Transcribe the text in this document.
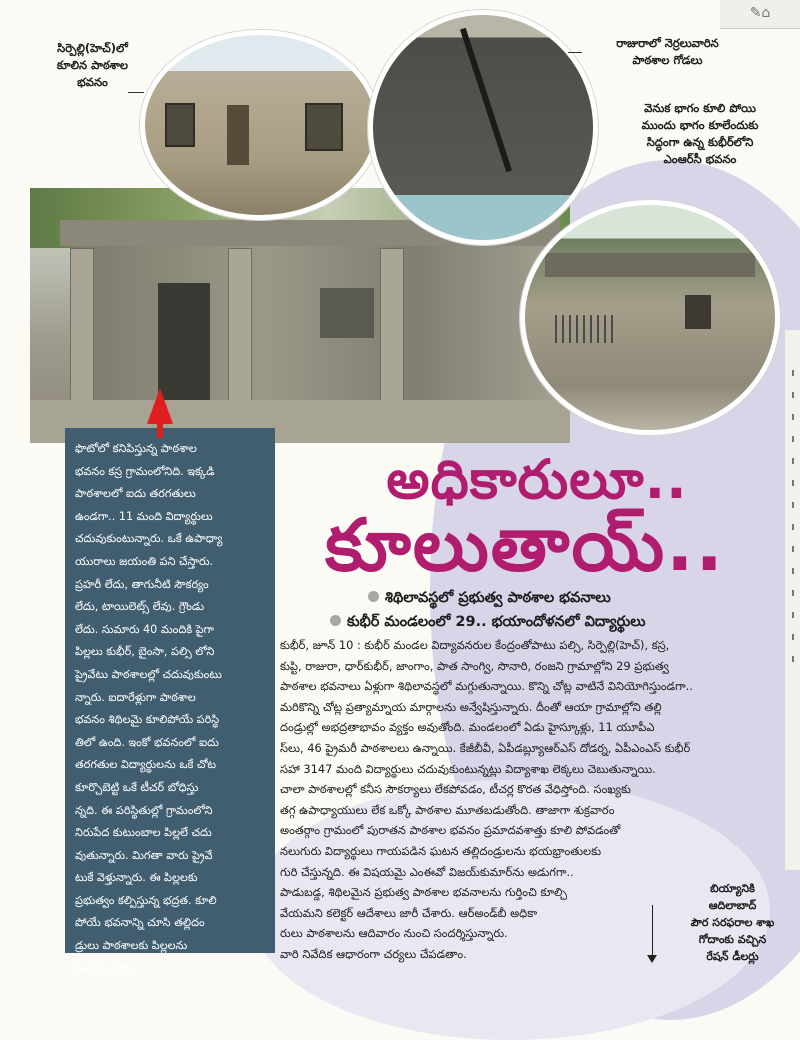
✎⌂
సిర్పెల్లి(హెచ్‌)లో
కూలిన పాఠశాల
భవనం
రాజురాలో నెర్రలువారిన
పాఠశాల గోడలు
వెనుక భాగం కూలి పోయి
ముందు భాగం కూలేందుకు
సిద్ధంగా ఉన్న కుభీర్‌లోని
ఎంఆర్‌సీ భవనం
ఫొటోలో కనిపిస్తున్న పాఠశాల
భవనం కస్ర గ్రామంలోనిది. ఇక్కడి
పాఠశాలలో ఐదు తరగతులు
ఉండగా.. 11 మంది విద్యార్థులు
చదువుకుంటున్నారు. ఒకే ఉపాధ్యా
యురాలు జయంతి పని చేస్తారు.
ప్రహరీ లేదు, తాగునీటి సౌకర్యం
లేదు, టాయిలెట్స్‌ లేవు. గ్రౌండు
లేదు. సుమారు 40 మందికి పైగా
పిల్లలు కుభీర్‌, బైంసా, పల్సి లోని
ప్రైవేటు పాఠశాలల్లో చదువుకుంటు
న్నారు. ఐదారేళ్లుగా పాఠశాల
భవనం శిథిలమై కూలిపోయే పరిస్థి
తిలో ఉంది. ఇంకో భవనంలో ఐదు
తరగతుల విద్యార్థులను ఒకే చోట
కూర్చొబెట్టి ఒకే టీచర్‌ బోధిస్తు
న్నది. ఈ పరిస్థితుల్లో గ్రామంలోని
నిరుపేద కుటుంబాల పిల్లలే చదు
వుతున్నారు. మిగతా వారు ప్రైవే
టుకే వెళ్తున్నారు. ఈ పిల్లలకు
ప్రభుత్వం కల్పిస్తున్న భద్రత. కూలి
పోయే భవనాన్ని చూసి తల్లిదం
డ్రులు పాఠశాలకు పిల్లలను
పంపడం లేదు.
అధికారులూ..
కూలుతాయ్‌..
శిథిలావస్థలో ప్రభుత్వ పాఠశాల భవనాలు
కుభీర్‌ మండలంలో 29.. భయాందోళనలో విద్యార్థులు
కుభీర్‌, జూన్‌ 10 : కుభీర్‌ మండల విద్యావనరుల కేంద్రంతోపాటు పల్సి, సిర్పెల్లి(హెచ్‌), కస్ర,
కుప్టి, రాజురా, ధార్‌కుభీర్‌, జాంగాం, పాత సాంగ్వి, సొనారి, రంజని గ్రామాల్లోని 29 ప్రభుత్వ
పాఠశాల భవనాలు ఏళ్లుగా శిథిలావస్థలో మగ్గుతున్నాయి. కొన్ని చోట్ల వాటినే వినియోగిస్తుండగా..
మరికొన్ని చోట్ల ప్రత్యామ్నాయ మార్గాలను అన్వేషిస్తున్నారు. దీంతో ఆయా గ్రామాల్లోని తల్లి
దండ్రుల్లో అభద్రతాభావం వ్యక్తం అవుతోంది. మండలంలో ఏడు హైస్కూళ్లు, 11 యూపీఎ
స్‌లు, 46 ప్రైమరీ పాఠశాలలు ఉన్నాయి. కేజీబీవీ, ఏపీడబ్ల్యూఆర్‌ఎస్‌ దోడర్న, ఏపీఎంఎస్‌ కుభీర్‌
సహా 3147 మంది విద్యార్థులు చదువుకుంటున్నట్లు విద్యాశాఖ లెక్కలు చెబుతున్నాయి.
చాలా పాఠశాలల్లో కనీస సౌకర్యాలు లేకపోవడం, టీచర్ల కొరత వేధిస్తోంది. సంఖ్యకు
తగ్గ ఉపాధ్యాయులు లేక ఒక్కో పాఠశాల మూతబడుతోంది. తాజాగా శుక్రవారం
అంతర్గాం గ్రామంలో పురాతన పాఠశాల భవనం ప్రమాదవశాత్తు కూలి పోవడంతో
నలుగురు విద్యార్థులు గాయపడిన ఘటన తల్లిదండ్రులను భయభ్రాంతులకు
గురి చేస్తున్నది. ఈ విషయమై ఎంఈవో విజయ్‌కుమార్‌ను అడుగగా..
పాడుబడ్డ, శిథిలమైన ప్రభుత్వ పాఠశాల భవనాలను గుర్తించి కూల్చి
వేయమని కలెక్టర్‌ ఆదేశాలు జారీ చేశారు. ఆర్‌అండ్‌బీ అధికా
రులు పాఠశాలను ఆదివారం నుంచి సందర్శిస్తున్నారు.
వారి నివేదిక ఆధారంగా చర్యలు చేపడతాం.
బియ్యానికి
ఆదిలాబాద్‌
పౌర సరఫరాల శాఖ
గోదాంకు వచ్చిన
రేషన్‌ డీలర్లు
